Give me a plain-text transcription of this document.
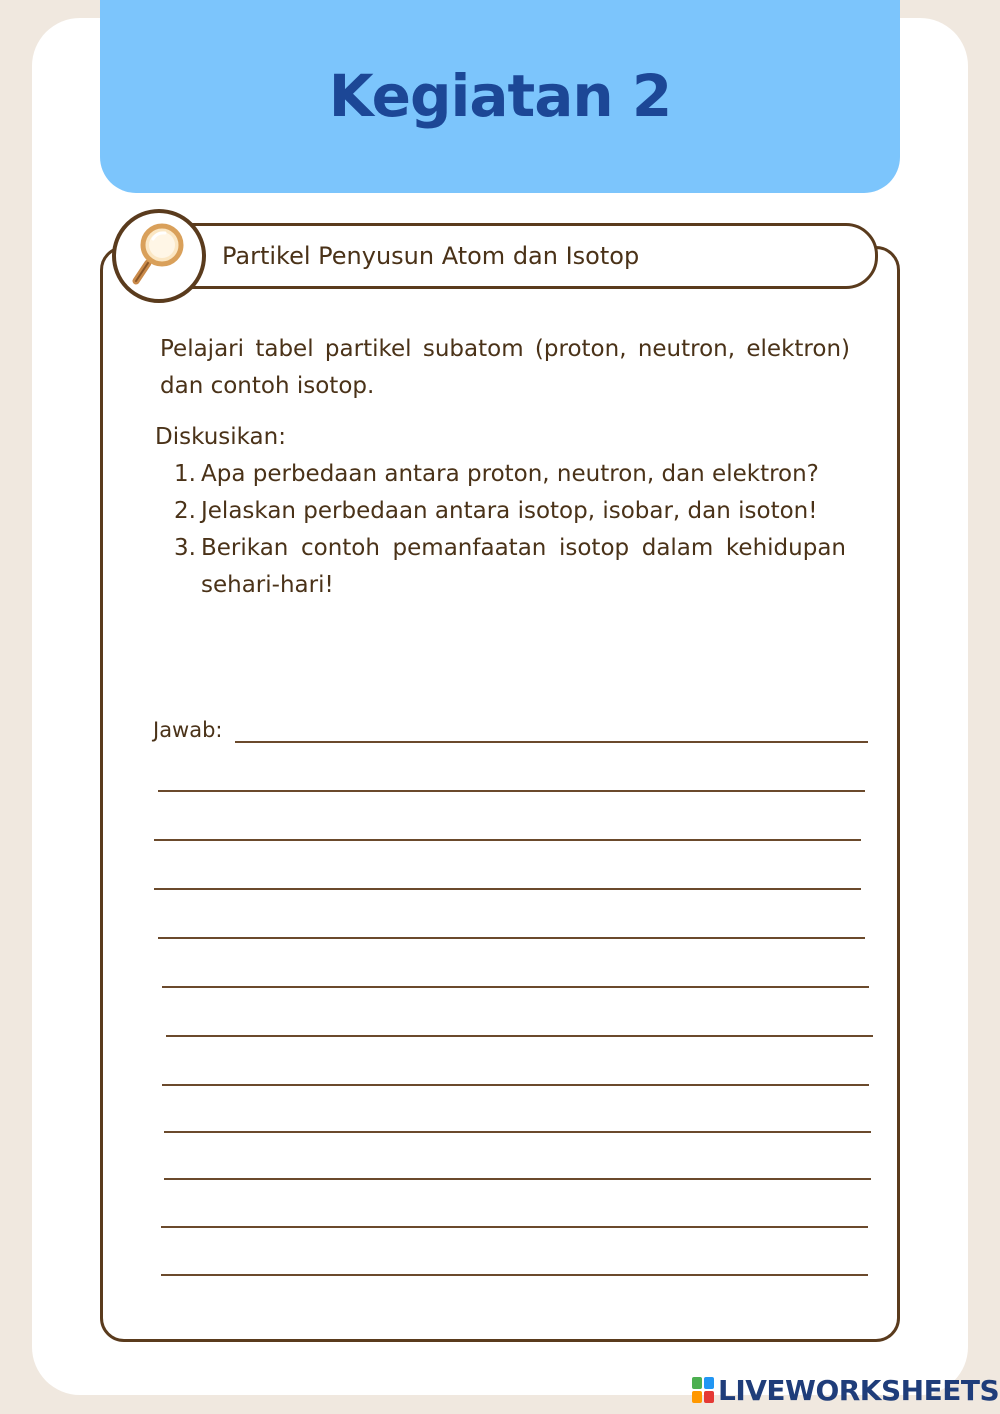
Kegiatan 2
Partikel Penyusun Atom dan Isotop
Pelajari tabel partikel subatom (proton, neutron, elektron) dan contoh isotop.
Diskusikan:
1. Apa perbedaan antara proton, neutron, dan elektron?
2. Jelaskan perbedaan antara isotop, isobar, dan isoton!
3. Berikan contoh pemanfaatan isotop dalam kehidupan sehari-hari!
Jawab:
LIVEWORKSHEETS
